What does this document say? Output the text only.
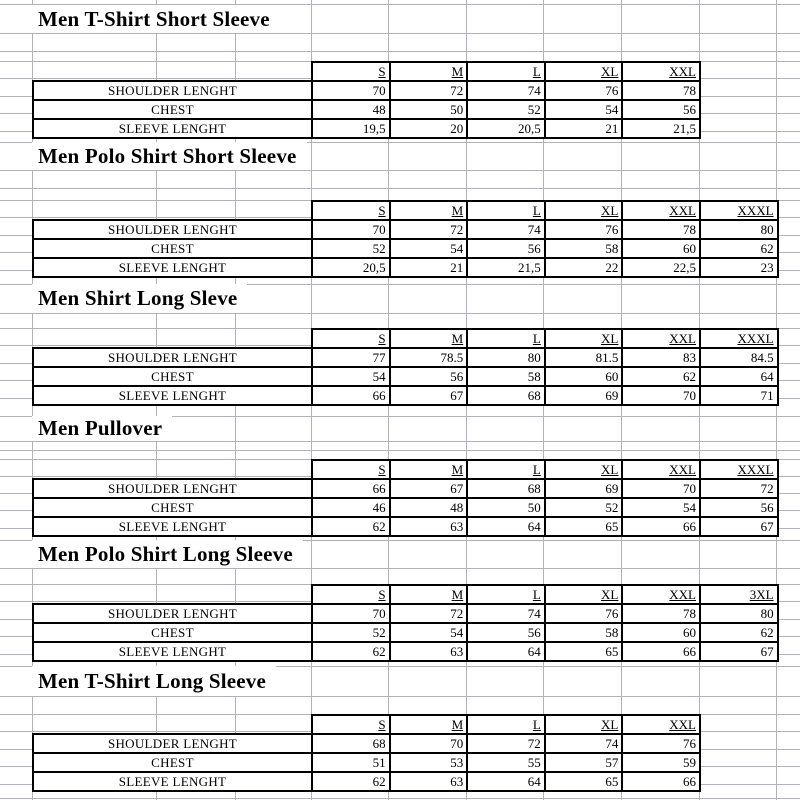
Men T-Shirt Short Sleeve
	S	M	L	XL	XXL
SHOULDER LENGHT	70	72	74	76	78
CHEST	48	50	52	54	56
SLEEVE LENGHT	19,5	20	20,5	21	21,5
Men Polo Shirt Short Sleeve
	S	M	L	XL	XXL	XXXL
SHOULDER LENGHT	70	72	74	76	78	80
CHEST	52	54	56	58	60	62
SLEEVE LENGHT	20,5	21	21,5	22	22,5	23
Men Shirt Long Sleve
	S	M	L	XL	XXL	XXXL
SHOULDER LENGHT	77	78.5	80	81.5	83	84.5
CHEST	54	56	58	60	62	64
SLEEVE LENGHT	66	67	68	69	70	71
Men Pullover
	S	M	L	XL	XXL	XXXL
SHOULDER LENGHT	66	67	68	69	70	72
CHEST	46	48	50	52	54	56
SLEEVE LENGHT	62	63	64	65	66	67
Men Polo Shirt Long Sleeve
	S	M	L	XL	XXL	3XL
SHOULDER LENGHT	70	72	74	76	78	80
CHEST	52	54	56	58	60	62
SLEEVE LENGHT	62	63	64	65	66	67
Men T-Shirt Long Sleeve
	S	M	L	XL	XXL
SHOULDER LENGHT	68	70	72	74	76
CHEST	51	53	55	57	59
SLEEVE LENGHT	62	63	64	65	66
